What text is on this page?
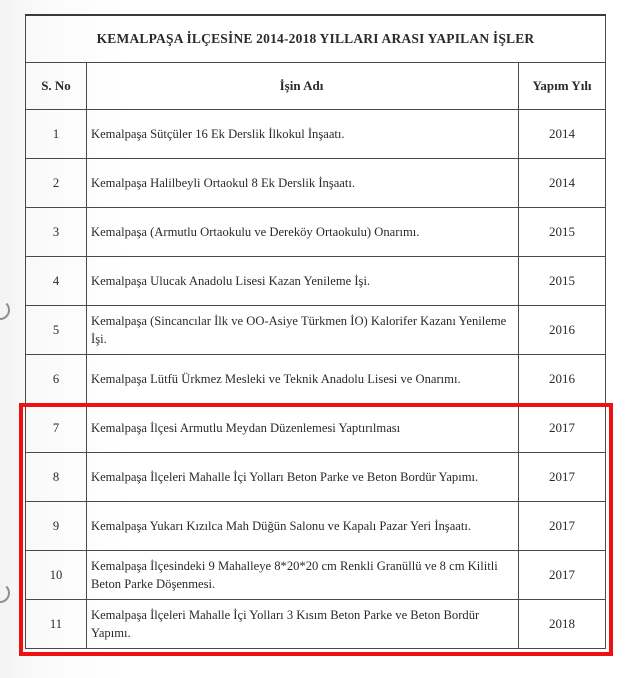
KEMALPAŞA İLÇESİNE 2014-2018 YILLARI ARASI YAPILAN İŞLER		
S. No	İşin Adı	Yapım Yılı
1	Kemalpaşa Sütçüler 16 Ek Derslik İlkokul İnşaatı.	2014
2	Kemalpaşa Halilbeyli Ortaokul 8 Ek Derslik İnşaatı.	2014
3	Kemalpaşa (Armutlu Ortaokulu ve Dereköy Ortaokulu) Onarımı.	2015
4	Kemalpaşa Ulucak Anadolu Lisesi Kazan Yenileme İşi.	2015
5	Kemalpaşa (Sincancılar İlk ve OO-Asiye Türkmen İO) Kalorifer Kazanı Yenileme İşi.	2016
6	Kemalpaşa Lütfü Ürkmez Mesleki ve Teknik Anadolu Lisesi ve Onarımı.	2016
7	Kemalpaşa İlçesi Armutlu Meydan Düzenlemesi Yaptırılması	2017
8	Kemalpaşa İlçeleri Mahalle İçi Yolları Beton Parke ve Beton Bordür Yapımı.	2017
9	Kemalpaşa Yukarı Kızılca Mah Düğün Salonu ve Kapalı Pazar Yeri İnşaatı.	2017
10	Kemalpaşa İlçesindeki 9 Mahalleye 8*20*20 cm Renkli Granüllü ve 8 cm Kilitli Beton Parke Döşenmesi.	2017
11	Kemalpaşa İlçeleri Mahalle İçi Yolları 3 Kısım Beton Parke ve Beton Bordür Yapımı.	2018
